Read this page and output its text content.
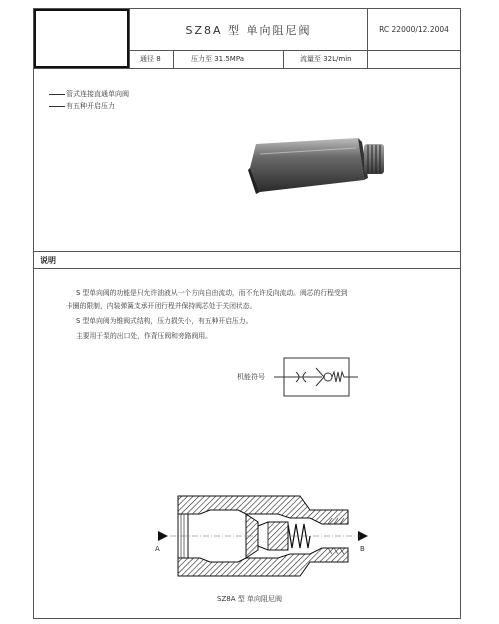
SZ8A 型 单向阻尼阀	RC 22000/12.2004
通径 8	压力至 31.5MPa	流量至 32L/min
管式连接直通单向阀
有五种开启压力
说明
S 型单向阀的功能是只允许油液从一个方向自由流动，而不允许反向流动。阀芯的行程受到
卡圈的限制，内装弹簧支承开闭行程并保持阀芯处于关闭状态。
S 型单向阀为锥阀式结构，压力损失小，有五种开启压力。
主要用于泵的出口处，作背压阀和旁路阀用。
机能符号
A	B
SZ8A 型 单向阻尼阀
